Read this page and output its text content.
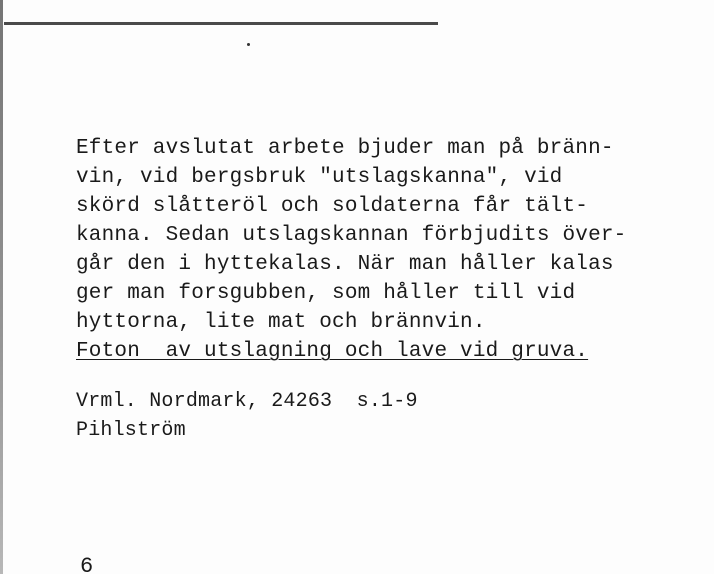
Efter avslutat arbete bjuder man på bränn-
vin, vid bergsbruk "utslagskanna", vid
skörd slåtteröl och soldaterna får tält-
kanna. Sedan utslagskannan förbjudits över-
går den i hyttekalas. När man håller kalas
ger man forsgubben, som håller till vid
hyttorna, lite mat och brännvin.
Foton  av utslagning och lave vid gruva.
Vrml. Nordmark, 24263  s.1-9
Pihlström
6
